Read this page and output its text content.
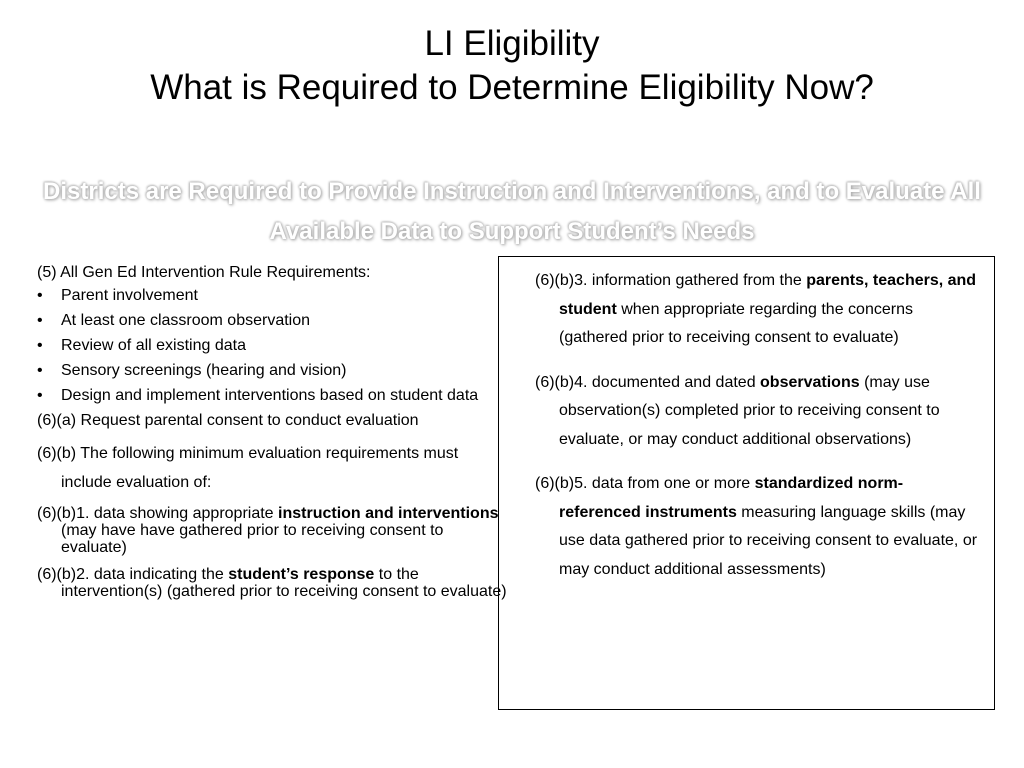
LI Eligibility
What is Required to Determine Eligibility Now?
Districts are Required to Provide Instruction and Interventions, and to Evaluate All Available Data to Support Student’s Needs

(5) All Gen Ed Intervention Rule Requirements:

• Parent involvement
• At least one classroom observation
• Review of all existing data
• Sensory screenings (hearing and vision)
• Design and implement interventions based on student data

(6)(a) Request parental consent to conduct evaluation

(6)(b) The following minimum evaluation requirements must include evaluation of:

(6)(b)1. data showing appropriate instruction and interventions (may have have gathered prior to receiving consent to evaluate)

(6)(b)2. data indicating the student’s response to the intervention(s) (gathered prior to receiving consent to evaluate)

(6)(b)3. information gathered from the parents, teachers, and student when appropriate regarding the concerns (gathered prior to receiving consent to evaluate)

(6)(b)4. documented and dated observations (may use observation(s) completed prior to receiving consent to evaluate, or may conduct additional observations)

(6)(b)5. data from one or more standardized norm-referenced instruments measuring language skills (may use data gathered prior to receiving consent to evaluate, or may conduct additional assessments)
